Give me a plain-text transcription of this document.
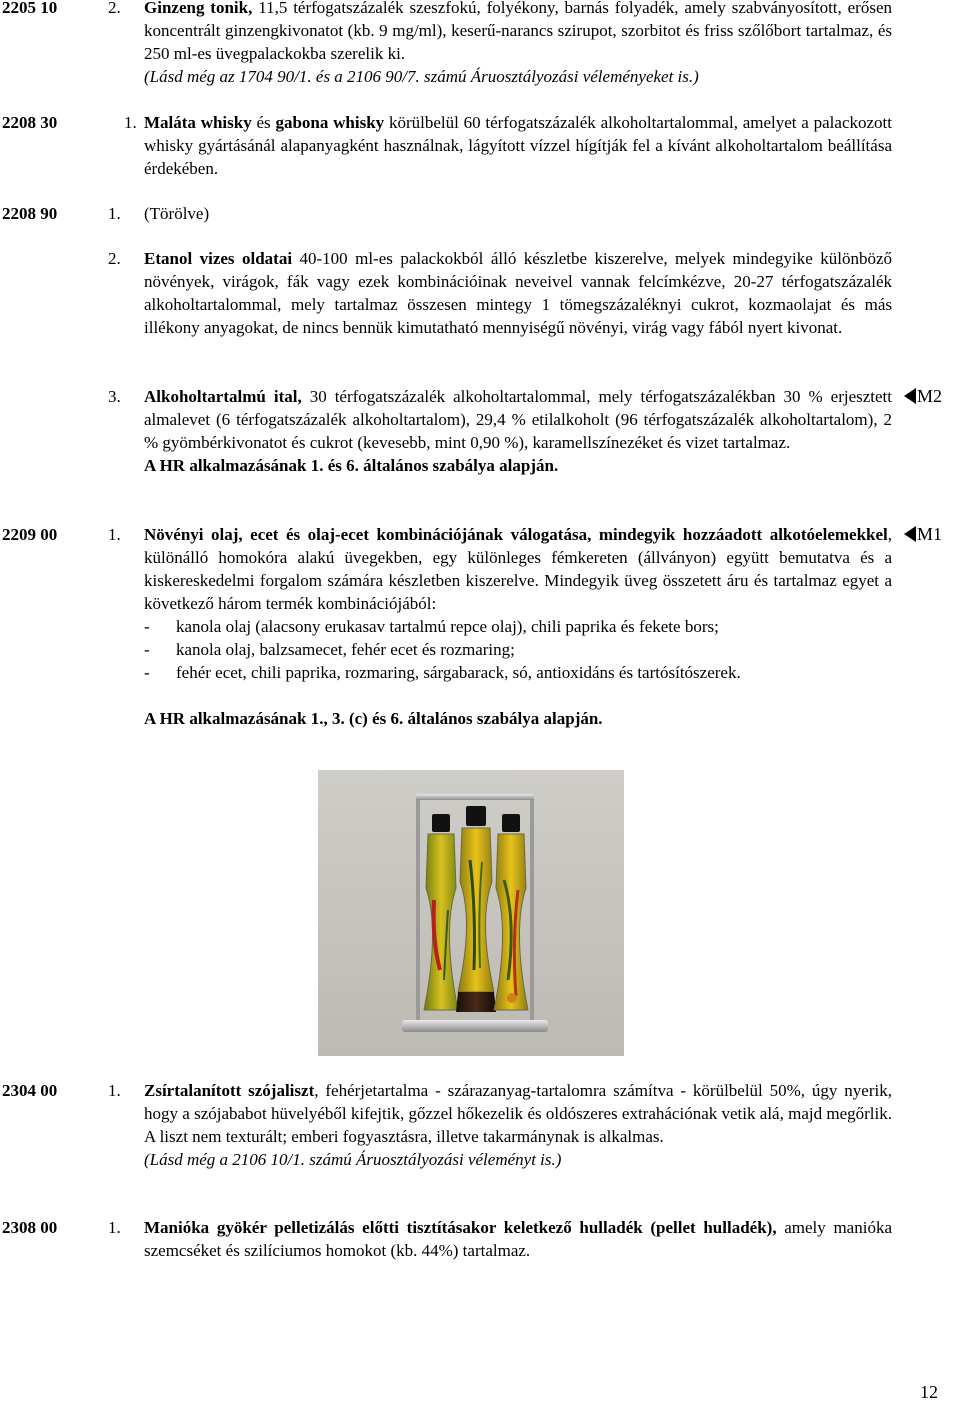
2205 10	2. Ginzeng tonik, 11,5 térfogatszázalék szeszfokú, folyékony, barnás folyadék, amely szabványosított, erősen koncentrált ginzengkivonatot (kb. 9 mg/ml), keserű-narancs szirupot, szorbitot és friss szőlőbort tartalmaz, és 250 ml-es üvegpalackokba szerelik ki.

(Lásd még az 1704 90/1. és a 2106 90/7. számú Áruosztályozási véleményeket is.)

2208 30	1. Maláta whisky és gabona whisky körülbelül 60 térfogatszázalék alkoholtartalommal, amelyet a palackozott whisky gyártásánál alapanyagként használnak, lágyított vízzel hígítják fel a kívánt alkoholtartalom beállítása érdekében.

2208 90	1. (Törölve)

2. Etanol vizes oldatai 40-100 ml-es palackokból álló készletbe kiszerelve, melyek mindegyike különböző növények, virágok, fák vagy ezek kombinációinak neveivel vannak felcímkézve, 20-27 térfogatszázalék alkoholtartalommal, mely tartalmaz összesen mintegy 1 tömegszázaléknyi cukrot, kozmaolajat és más illékony anyagokat, de nincs bennük kimutatható mennyiségű növényi, virág vagy fából nyert kivonat.

3. Alkoholtartalmú ital, 30 térfogatszázalék alkoholtartalommal, mely térfogatszázalékban 30 % erjesztett almalevet (6 térfogatszázalék alkoholtartalom), 29,4 % etilalkoholt (96 térfogatszázalék alkoholtartalom), 2 % gyömbérkivonatot és cukrot (kevesebb, mint 0,90 %), karamellszínezéket és vizet tartalmaz.

A HR alkalmazásának 1. és 6. általános szabálya alapján.

M2
2209 00	1. Növényi olaj, ecet és olaj-ecet kombinációjának válogatása, mindegyik hozzáadott alkotóelemekkel, különálló homokóra alakú üvegekben, egy különleges fémkereten (állványon) együtt bemutatva és a kiskereskedelmi forgalom számára készletben kiszerelve. Mindegyik üveg összetett áru és tartalmaz egyet a következő három termék kombinációjából:

- kanola olaj (alacsony erukasav tartalmú repce olaj), chili paprika és fekete bors;
- kanola olaj, balzsamecet, fehér ecet és rozmaring;
- fehér ecet, chili paprika, rozmaring, sárgabarack, só, antioxidáns és tartósítószerek.

A HR alkalmazásának 1., 3. (c) és 6. általános szabálya alapján.

M1
2304 00	1. Zsírtalanított szójaliszt, fehérjetartalma - szárazanyag-tartalomra számítva - körülbelül 50%, úgy nyerik, hogy a szójababot hüvelyéből kifejtik, gőzzel hőkezelik és oldószeres extrahációnak vetik alá, majd megőrlik. A liszt nem texturált; emberi fogyasztásra, illetve takarmánynak is alkalmas.

(Lásd még a 2106 10/1. számú Áruosztályozási véleményt is.)

2308 00	1. Manióka gyökér pelletizálás előtti tisztításakor keletkező hulladék (pellet hulladék), amely manióka szemcséket és szilíciumos homokot (kb. 44%) tartalmaz.

12
